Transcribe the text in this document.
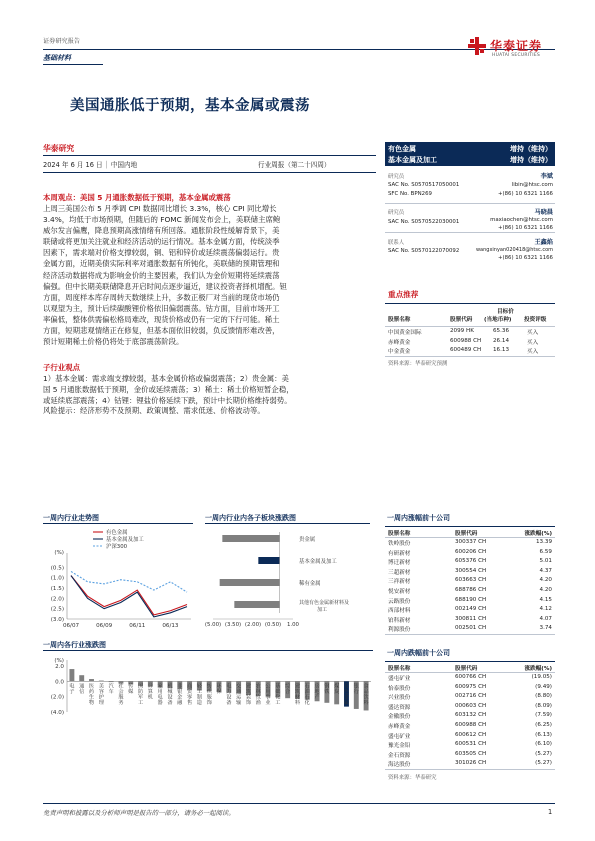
证券研究报告
基础材料
华泰证券
HUATAI SECURITIES
美国通胀低于预期，基本金属或震荡
华泰研究
2024 年 6 月 16 日 │ 中国内地	行业周报（第二十四周）
本周观点：美国 5 月通胀数据低于预期，基本金属或震荡
上周三美国公布 5 月季调 CPI 数据同比增长 3.3%，核心 CPI 同比增长
3.4%，均低于市场预期，但随后的 FOMC 新闻发布会上，美联储主席鲍
威尔发言偏鹰，降息预期高涨情绪有所回落。通胀阶段性缓解背景下，美
联储或将更加关注就业和经济活动的运行情况。基本金属方面，传统淡季
因素下，需求端对价格支撑较弱，铜、铝和锌价或延续震荡偏弱运行。贵
金属方面，近期美债实际利率对通胀数据有所钝化，美联储的预期管理和
经济活动数据将成为影响金价的主要因素，我们认为金价短期将延续震荡
偏强。但中长期美联储降息开启时间点逐步逼近，建议投资者择机增配。钽
方面，周度样本库存周转天数继续上升，多数正极厂对当前的现货市场仍
以观望为主，预计后续碳酸锂价格依旧偏弱震荡。钴方面，目前市场开工
率偏低，整体供需偏松格局难改，现货价格或仍有一定的下行可能。稀土
方面，短期悲观情绪正在修复，但基本面依旧较弱，负反馈情形难改善，
预计短期稀土价格仍将处于底部震荡阶段。
子行业观点
1）基本金属：需求端支撑较弱，基本金属价格或偏弱震荡；2）贵金属：美
国 5 月通胀数据低于预期，金价或延续震荡；3）稀土：稀土价格短暂企稳，
或延续底部震荡；4）钴锂：锂盐价格延续下跌，预计中长期价格维持弱势。
风险提示：经济形势不及预期、政策调整、需求低迷、价格波动等。
有色金属	增持（维持）
基本金属及加工	增持（维持）
研究员	李斌
SAC No. S0570517050001	libin@htsc.com
SFC No. BPN269	+(86) 10 6321 1166
研究员	马晓晨
SAC No. S0570522030001	maxiaochen@htsc.com
+(86) 10 6321 1166
联系人	王鑫焰
SAC No. S0570122070092	wangxinyan020418@htsc.com
+(86) 10 6321 1166
重点推荐
目标价
股票名称	股票代码 (当地币种) 投资评级
中国黄金国际	2099 HK	65.36	买入
赤峰黄金	600988 CH 26.14	买入
中金黄金	600489 CH 16.13	买入
资料来源：华泰研究预测
一周内行业走势图
(%)
(0.5)
(1.0)
(1.5)
(2.0)
(2.5)
(3.0)
06/07	06/09	06/11	06/13
有色金属
基本金属及加工
沪深300
一周内行业内各子板块涨跌图
(5.00) (3.50) (2.00) (0.50) 1.00
贵金属
基本金属及加工
稀有金属
其他有色金属新材料及
加工
一周内各行业涨跌图
(%)
2.0
0.0
(2.0)
(4.0)
电子
通信
医药生物
美容护理
汽车
社会服务
传媒
国防军工
计算机
家用电器
机械设备
非银金融
商贸零售
轻工制造
纺织服饰
环保
电力设备
交通运输
建筑装饰
农林牧渔
公用事业
基础化工
综合
建筑材料
石油石化
房地产
钢铁
煤炭
有色金属
银行
食品饮料
一周内涨幅前十公司
股票名称	股票代码	涨跌幅(%)
铁岭股份	300337 CH	13.39
有研新材	600206 CH	6.59
博迁新材	605376 CH	5.01
三超新材	300554 CH	4.37
三祥新材	603663 CH	4.20
悦安新材	688786 CH	4.20
云路股份	688190 CH	4.15
西部材料	002149 CH	4.12
铂科新材	300811 CH	4.07
利源股份	002501 CH	3.74
一周内跌幅前十公司
股票名称	股票代码	涨跌幅(%)
盛屯矿业	600766 CH	(19.05)
怡泰股份	600975 CH	(9.49)
兴业股份	002716 CH	(8.80)
盛达资源	000603 CH	(8.09)
金徽股份	603132 CH	(7.59)
赤峰黄金	600988 CH	(6.25)
盛屯矿业	600612 CH	(6.13)
豫光金铅	600531 CH	(6.10)
金石资源	603505 CH	(5.27)
海达股份	301026 CH	(5.27)
资料来源：华泰研究
免责声明和披露以及分析师声明是报告的一部分，请务必一起阅读。	1
